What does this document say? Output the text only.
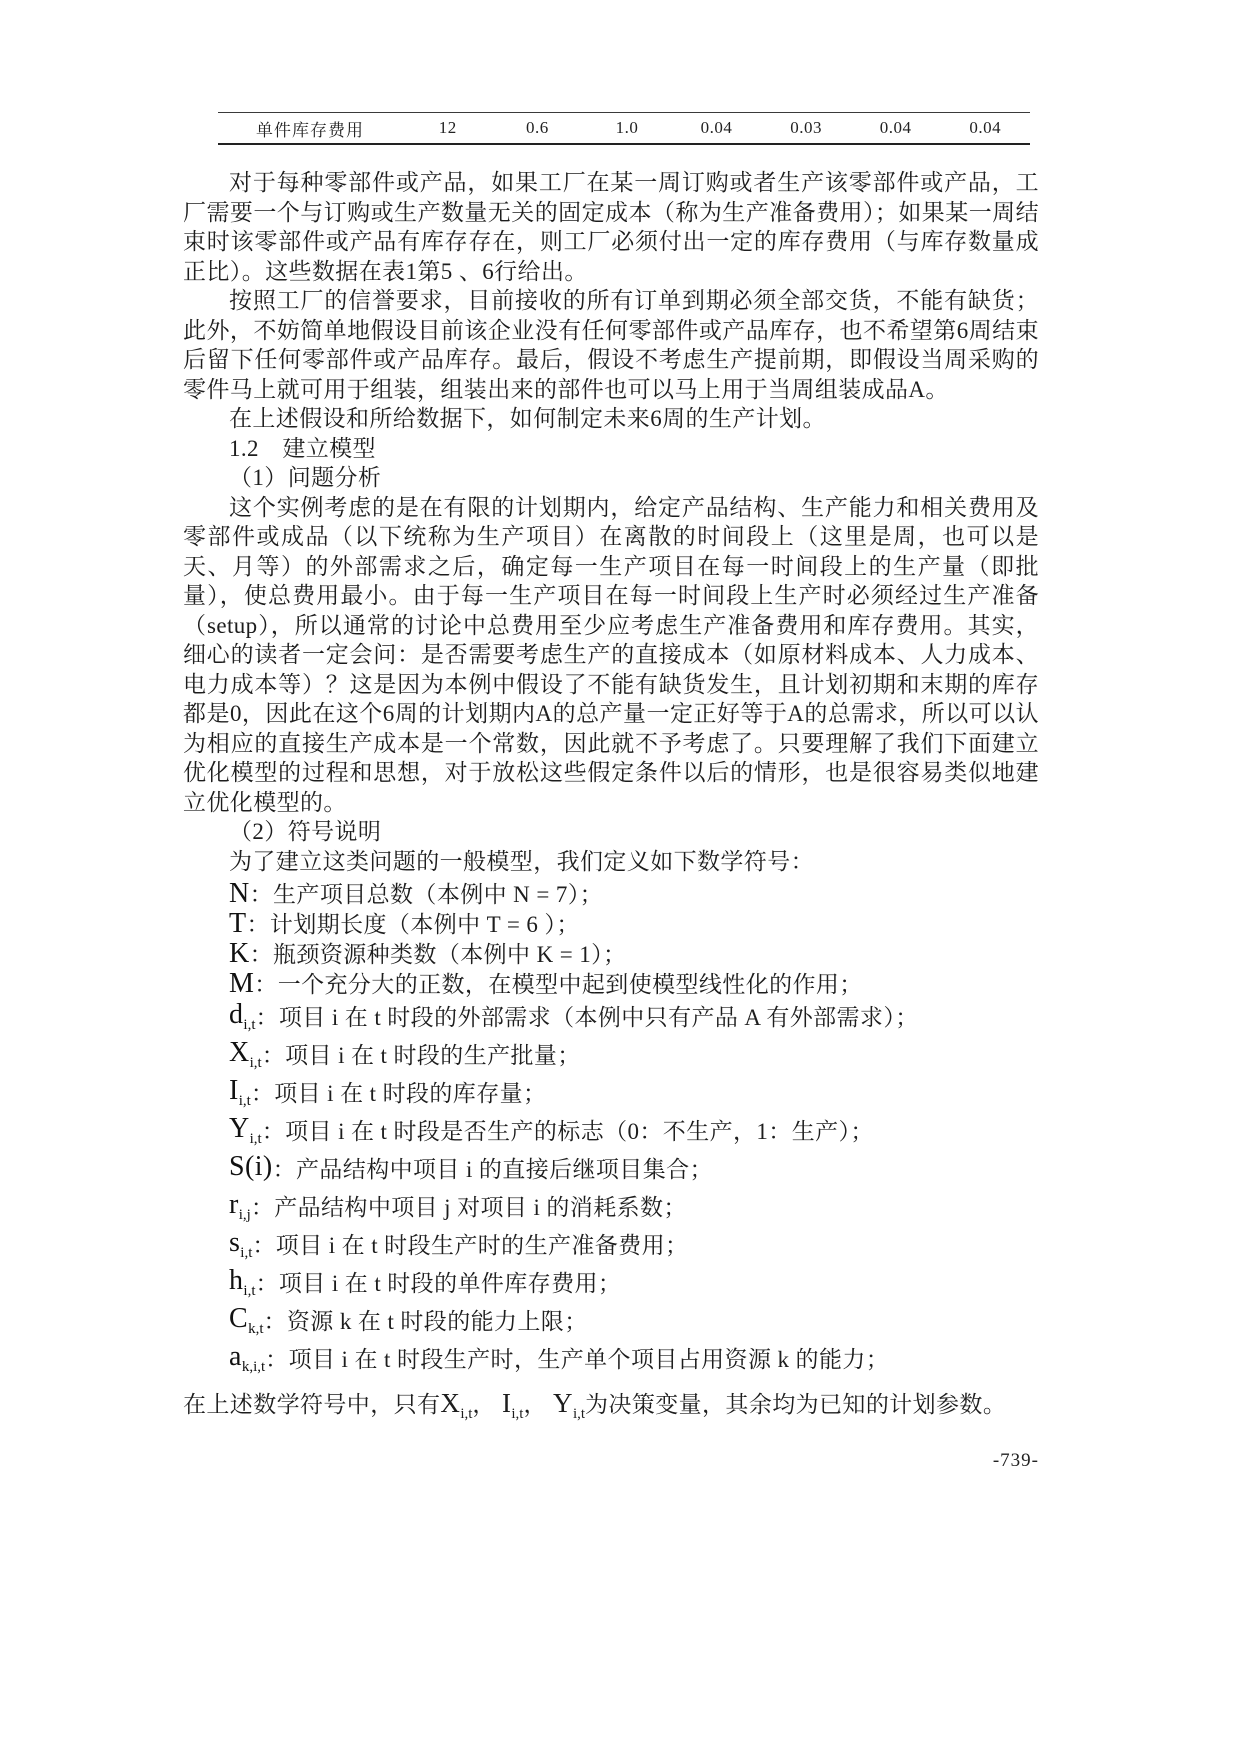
单件库存费用	12	0.6	1.0	0.04	0.03	0.04	0.04

对于每种零部件或产品，如果工厂在某一周订购或者生产该零部件或产品，工厂需要一个与订购或生产数量无关的固定成本（称为生产准备费用）；如果某一周结束时该零部件或产品有库存存在，则工厂必须付出一定的库存费用（与库存数量成正比）。这些数据在表1第5 、6行给出。

按照工厂的信誉要求，目前接收的所有订单到期必须全部交货，不能有缺货；此外，不妨简单地假设目前该企业没有任何零部件或产品库存，也不希望第6周结束后留下任何零部件或产品库存。最后，假设不考虑生产提前期，即假设当周采购的零件马上就可用于组装，组装出来的部件也可以马上用于当周组装成品A。

在上述假设和所给数据下，如何制定未来6周的生产计划。

1.2　建立模型

（1）问题分析

这个实例考虑的是在有限的计划期内，给定产品结构、生产能力和相关费用及零部件或成品（以下统称为生产项目）在离散的时间段上（这里是周，也可以是天、月等）的外部需求之后，确定每一生产项目在每一时间段上的生产量（即批量），使总费用最小。由于每一生产项目在每一时间段上生产时必须经过生产准备（setup），所以通常的讨论中总费用至少应考虑生产准备费用和库存费用。其实，细心的读者一定会问：是否需要考虑生产的直接成本（如原材料成本、人力成本、电力成本等）？这是因为本例中假设了不能有缺货发生，且计划初期和末期的库存都是0，因此在这个6周的计划期内A的总产量一定正好等于A的总需求，所以可以认为相应的直接生产成本是一个常数，因此就不予考虑了。只要理解了我们下面建立优化模型的过程和思想，对于放松这些假定条件以后的情形，也是很容易类似地建立优化模型的。

（2）符号说明

为了建立这类问题的一般模型，我们定义如下数学符号：

N ：生产项目总数（本例中 N = 7）；
T ：计划期长度（本例中 T = 6 ）；
K ：瓶颈资源种类数（本例中 K = 1）；
M ：一个充分大的正数，在模型中起到使模型线性化的作用；
$d_{i,t}$ ：项目 i 在 t 时段的外部需求（本例中只有产品 A 有外部需求）；
$X_{i,t}$ ：项目 i 在 t 时段的生产批量；
$I_{i,t}$ ：项目 i 在 t 时段的库存量；
$Y_{i,t}$ ：项目 i 在 t 时段是否生产的标志（0：不生产，1：生产）；
S(i) ：产品结构中项目 i 的直接后继项目集合；
$r_{i,j}$ ：产品结构中项目 j 对项目 i 的消耗系数；
$s_{i,t}$ ：项目 i 在 t 时段生产时的生产准备费用；
$h_{i,t}$ ：项目 i 在 t 时段的单件库存费用；
$C_{k,t}$ ：资源 k 在 t 时段的能力上限；
$a_{k,i,t}$ ：项目 i 在 t 时段生产时，生产单个项目占用资源 k 的能力；

在上述数学符号中，只有$X_{i,t}$， $I_{i,t}$， $Y_{i,t}$为决策变量，其余均为已知的计划参数。

-739-
